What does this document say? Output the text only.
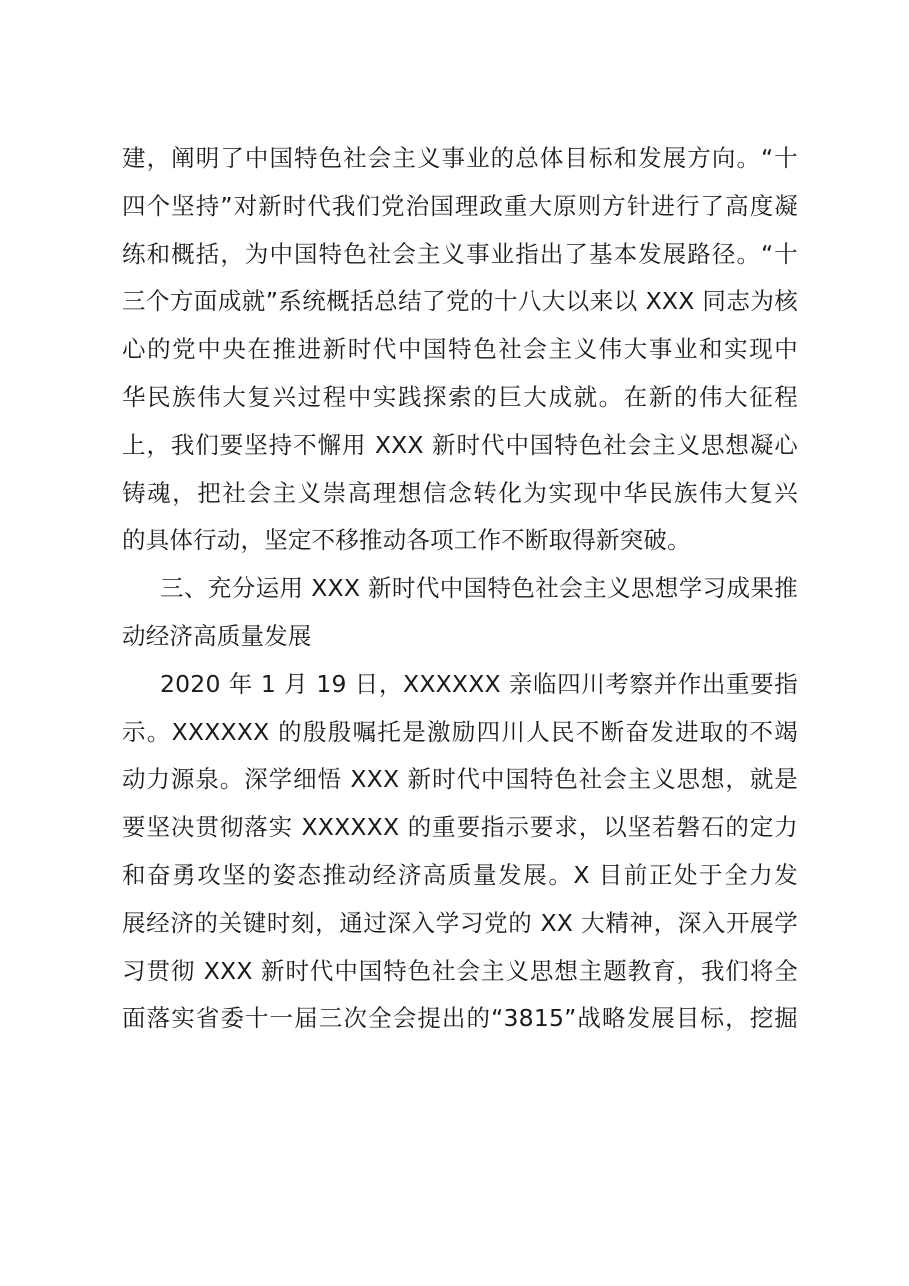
建，阐明了中国特色社会主义事业的总体目标和发展方向。“十
四个坚持”对新时代我们党治国理政重大原则方针进行了高度凝
练和概括，为中国特色社会主义事业指出了基本发展路径。“十
三个方面成就”系统概括总结了党的十八大以来以 XXX 同志为核
心的党中央在推进新时代中国特色社会主义伟大事业和实现中
华民族伟大复兴过程中实践探索的巨大成就。在新的伟大征程
上，我们要坚持不懈用 XXX 新时代中国特色社会主义思想凝心
铸魂，把社会主义崇高理想信念转化为实现中华民族伟大复兴
的具体行动，坚定不移推动各项工作不断取得新突破。
三、充分运用 XXX 新时代中国特色社会主义思想学习成果推
动经济高质量发展
2020 年 1 月 19 日，XXXXXX 亲临四川考察并作出重要指
示。XXXXXX 的殷殷嘱托是激励四川人民不断奋发进取的不竭
动力源泉。深学细悟 XXX 新时代中国特色社会主义思想，就是
要坚决贯彻落实 XXXXXX 的重要指示要求，以坚若磐石的定力
和奋勇攻坚的姿态推动经济高质量发展。X 目前正处于全力发
展经济的关键时刻，通过深入学习党的 XX 大精神，深入开展学
习贯彻 XXX 新时代中国特色社会主义思想主题教育，我们将全
面落实省委十一届三次全会提出的“3815”战略发展目标，挖掘
